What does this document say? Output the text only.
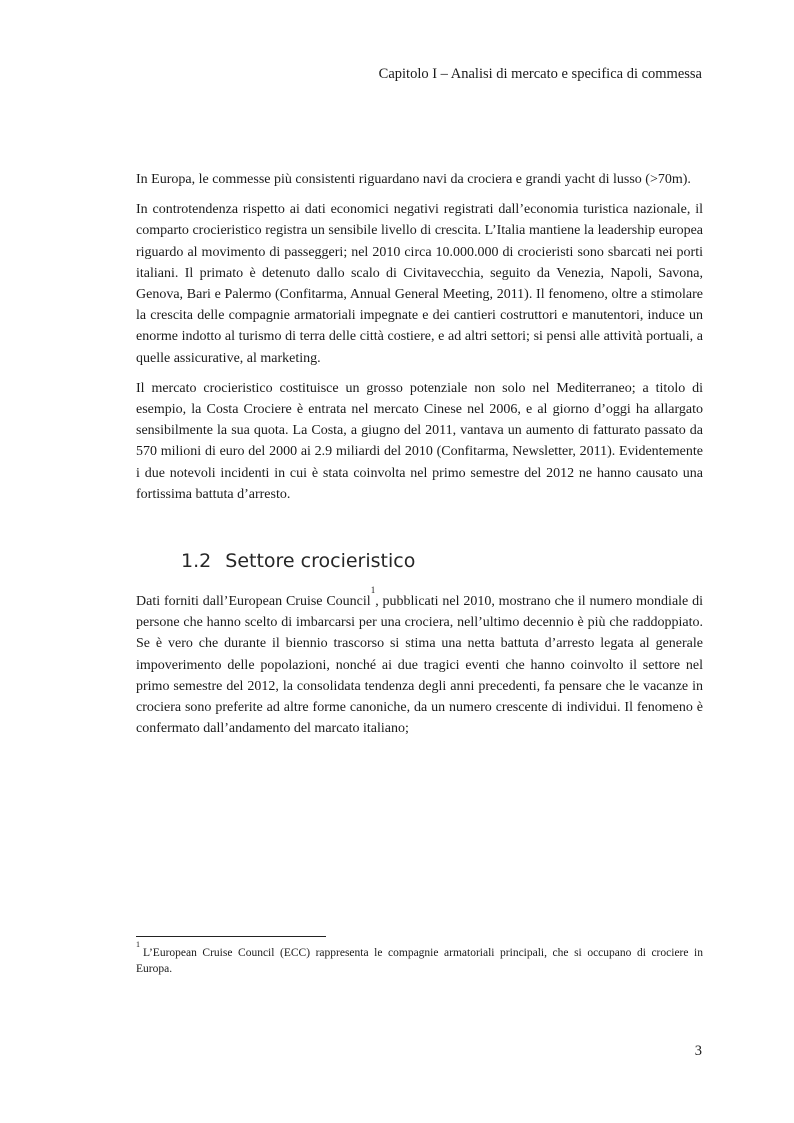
Capitolo I – Analisi di mercato e specifica di commessa

In Europa, le commesse più consistenti riguardano navi da crociera e grandi yacht di lusso (>70m).

In controtendenza rispetto ai dati economici negativi registrati dall’economia turistica nazionale, il comparto crocieristico registra un sensibile livello di crescita. L’Italia mantiene la leadership europea riguardo al movimento di passeggeri; nel 2010 circa 10.000.000 di crocieristi sono sbarcati nei porti italiani. Il primato è detenuto dallo scalo di Civitavecchia, seguito da Venezia, Napoli, Savona, Genova, Bari e Palermo (Confitarma, Annual General Meeting, 2011). Il fenomeno, oltre a stimolare la crescita delle compagnie armatoriali impegnate e dei cantieri costruttori e manutentori, induce un enorme indotto al turismo di terra delle città costiere, e ad altri settori; si pensi alle attività portuali, a quelle assicurative, al marketing.

Il mercato crocieristico costituisce un grosso potenziale non solo nel Mediterraneo; a titolo di esempio, la Costa Crociere è entrata nel mercato Cinese nel 2006, e al giorno d’oggi ha allargato sensibilmente la sua quota. La Costa, a giugno del 2011, vantava un aumento di fatturato passato da 570 milioni di euro del 2000 ai 2.9 miliardi del 2010 (Confitarma, Newsletter, 2011). Evidentemente i due notevoli incidenti in cui è stata coinvolta nel primo semestre del 2012 ne hanno causato una fortissima battuta d’arresto.

1.2 Settore crocieristico

Dati forniti dall’European Cruise Council$^1$, pubblicati nel 2010, mostrano che il numero mondiale di persone che hanno scelto di imbarcarsi per una crociera, nell’ultimo decennio è più che raddoppiato. Se è vero che durante il biennio trascorso si stima una netta battuta d’arresto legata al generale impoverimento delle popolazioni, nonché ai due tragici eventi che hanno coinvolto il settore nel primo semestre del 2012, la consolidata tendenza degli anni precedenti, fa pensare che le vacanze in crociera sono preferite ad altre forme canoniche, da un numero crescente di individui. Il fenomeno è confermato dall’andamento del marcato italiano;

$^1$L’European Cruise Council (ECC) rappresenta le compagnie armatoriali principali, che si occupano di crociere in Europa.

3
